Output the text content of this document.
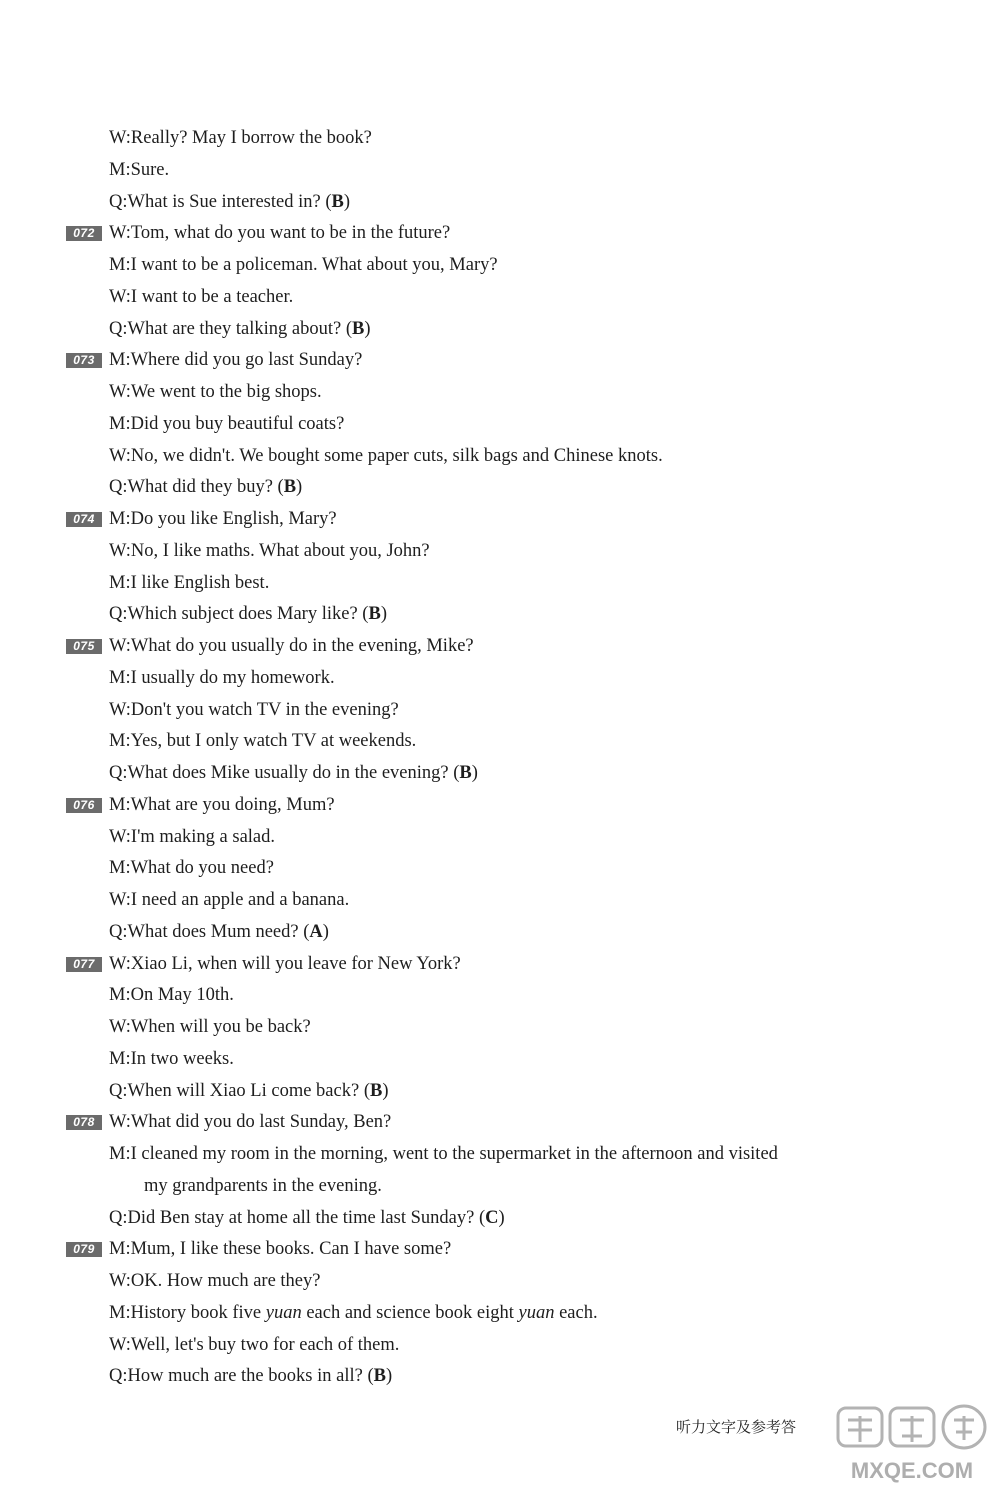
W:Really? May I borrow the book?
M:Sure.
Q:What is Sue interested in? (B)
072 W:Tom, what do you want to be in the future?
M:I want to be a policeman. What about you, Mary?
W:I want to be a teacher.
Q:What are they talking about? (B)
073 M:Where did you go last Sunday?
W:We went to the big shops.
M:Did you buy beautiful coats?
W:No, we didn't. We bought some paper cuts, silk bags and Chinese knots.
Q:What did they buy? (B)
074 M:Do you like English, Mary?
W:No, I like maths. What about you, John?
M:I like English best.
Q:Which subject does Mary like? (B)
075 W:What do you usually do in the evening, Mike?
M:I usually do my homework.
W:Don't you watch TV in the evening?
M:Yes, but I only watch TV at weekends.
Q:What does Mike usually do in the evening? (B)
076 M:What are you doing, Mum?
W:I'm making a salad.
M:What do you need?
W:I need an apple and a banana.
Q:What does Mum need? (A)
077 W:Xiao Li, when will you leave for New York?
M:On May 10th.
W:When will you be back?
M:In two weeks.
Q:When will Xiao Li come back? (B)
078 W:What did you do last Sunday, Ben?
M:I cleaned my room in the morning, went to the supermarket in the afternoon and visited
my grandparents in the evening.
Q:Did Ben stay at home all the time last Sunday? (C)
079 M:Mum, I like these books. Can I have some?
W:OK. How much are they?
M:History book five yuan each and science book eight yuan each.
W:Well, let's buy two for each of them.
Q:How much are the books in all? (B)
听力文字及参考答
MXQE.COM
